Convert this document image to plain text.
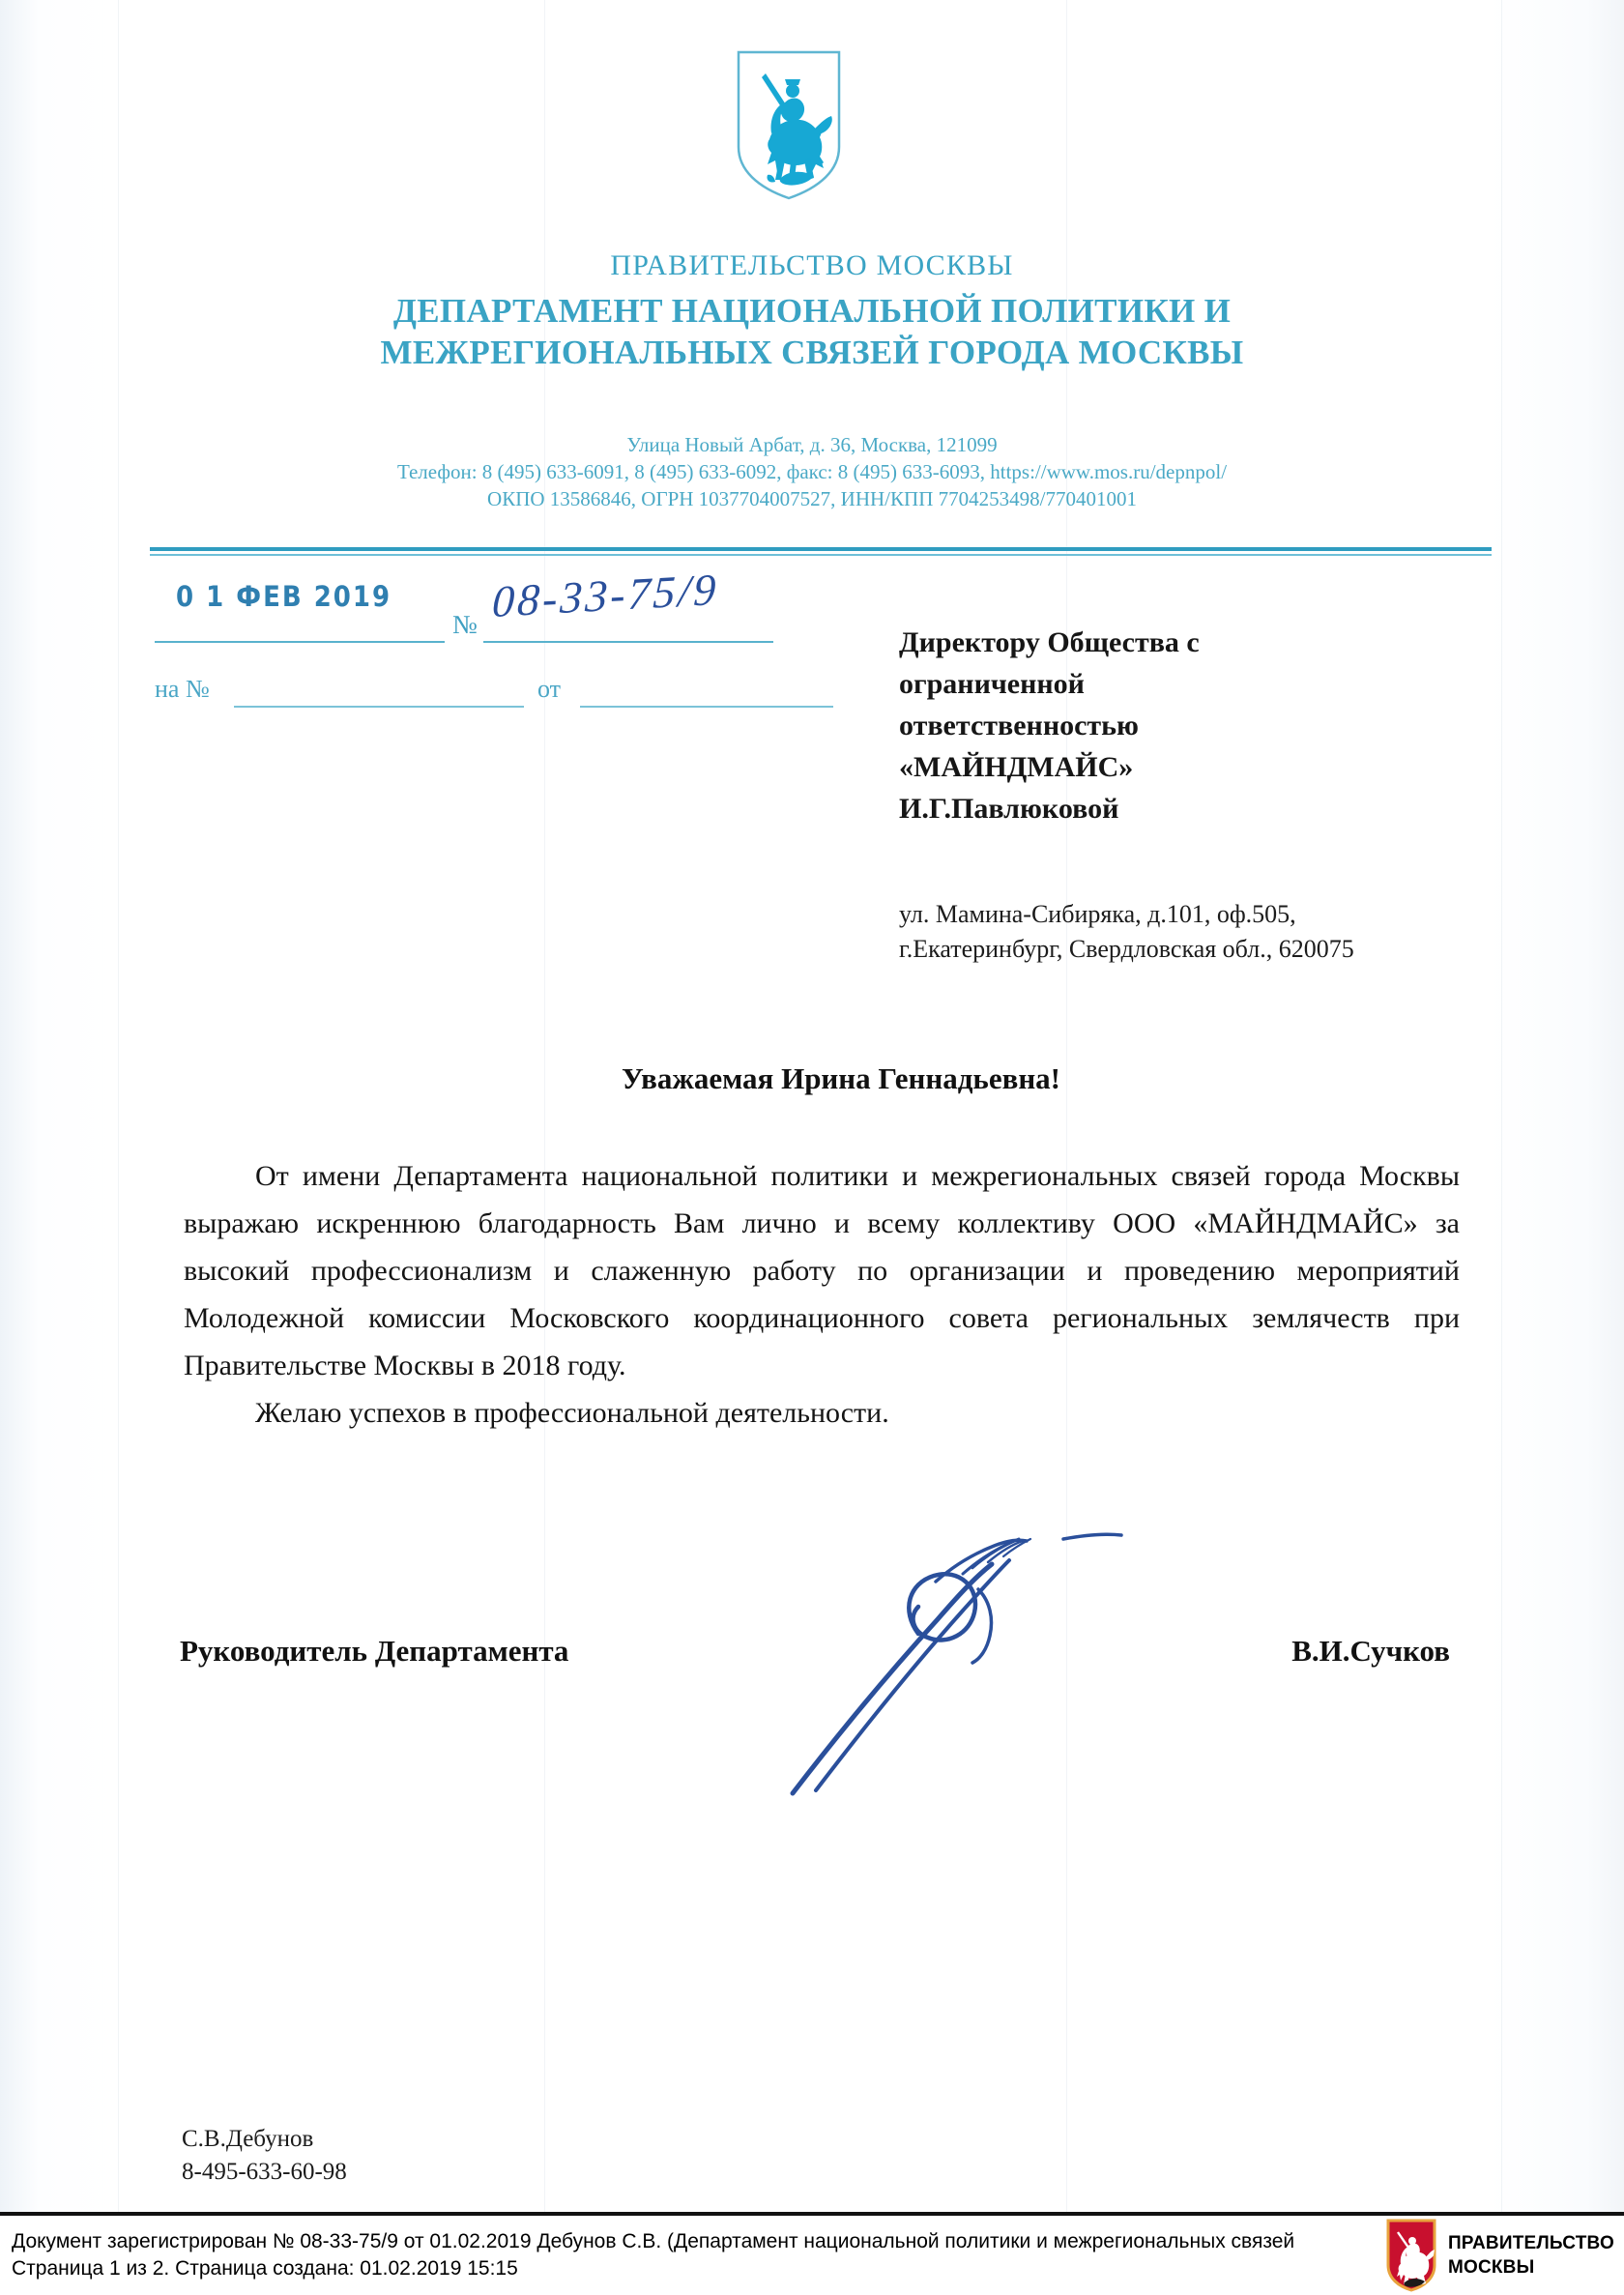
ПРАВИТЕЛЬСТВО МОСКВЫ
ДЕПАРТАМЕНТ НАЦИОНАЛЬНОЙ ПОЛИТИКИ И
МЕЖРЕГИОНАЛЬНЫХ СВЯЗЕЙ ГОРОДА МОСКВЫ
Улица Новый Арбат, д. 36, Москва, 121099
Телефон: 8 (495) 633-6091, 8 (495) 633-6092, факс: 8 (495) 633-6093, https://www.mos.ru/depnpol/
ОКПО 13586846, ОГРН 1037704007527, ИНН/КПП 7704253498/770401001
0 1 ФЕВ 2019
№ 08-33-75/9
на №	от
Директору Общества с
ограниченной
ответственностью
«МАЙНДМАЙС»
И.Г.Павлюковой
ул. Мамина-Сибиряка, д.101, оф.505,
г.Екатеринбург, Свердловская обл., 620075
Уважаемая Ирина Геннадьевна!

От имени Департамента национальной политики и межрегиональных связей города Москвы выражаю искреннюю благодарность Вам лично и всему коллективу ООО «МАЙНДМАЙС» за высокий профессионализм и слаженную работу по организации и проведению мероприятий Молодежной комиссии Московского координационного совета региональных землячеств при Правительстве Москвы в 2018 году.

Желаю успехов в профессиональной деятельности.

Руководитель Департамента	В.И.Сучков
С.В.Дебунов
8-495-633-60-98
Документ зарегистрирован № 08-33-75/9 от 01.02.2019 Дебунов С.В. (Департамент национальной политики и межрегиональных связей
Страница 1 из 2. Страница создана: 01.02.2019 15:15
ПРАВИТЕЛЬСТВО
МОСКВЫ
